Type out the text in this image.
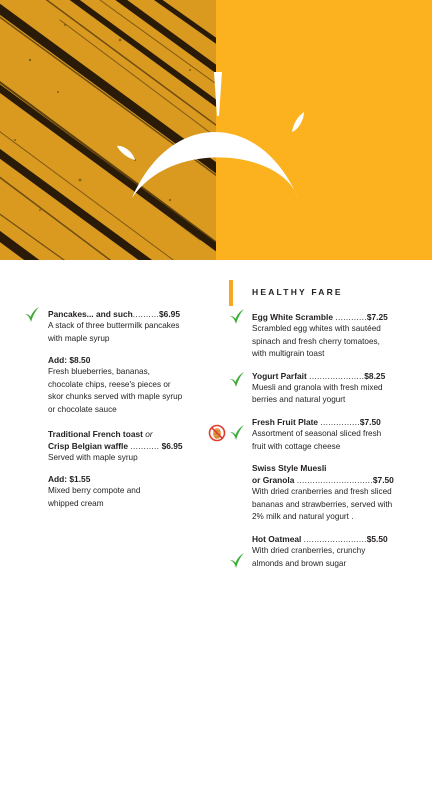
Pancakes... and such..........$6.95
A stack of three buttermilk pancakes
with maple syrup
Add: $8.50
Fresh blueberries, bananas,
chocolate chips, reese's pieces or
skor chunks served with maple syrup
or chocolate sauce
Traditional French toast or
Crisp Belgian waffle ........... $6.95
Served with maple syrup
Add: $1.55
Mixed berry compote and
whipped cream
HEALTHY FARE
Egg White Scramble ............$7.25
Scrambled egg whites with sautéed
spinach and fresh cherry tomatoes,
with multigrain toast
Yogurt Parfait .....................$8.25
Muesli and granola with fresh mixed
berries and natural yogurt
Fresh Fruit Plate ...............$7.50
Assortment of seasonal sliced fresh
fruit with cottage cheese
Swiss Style Muesli
or Granola .............................$7.50
With dried cranberries and fresh sliced
bananas and strawberries, served with
2% milk and natural yogurt .
Hot Oatmeal ........................$5.50
With dried cranberries, crunchy
almonds and brown sugar
